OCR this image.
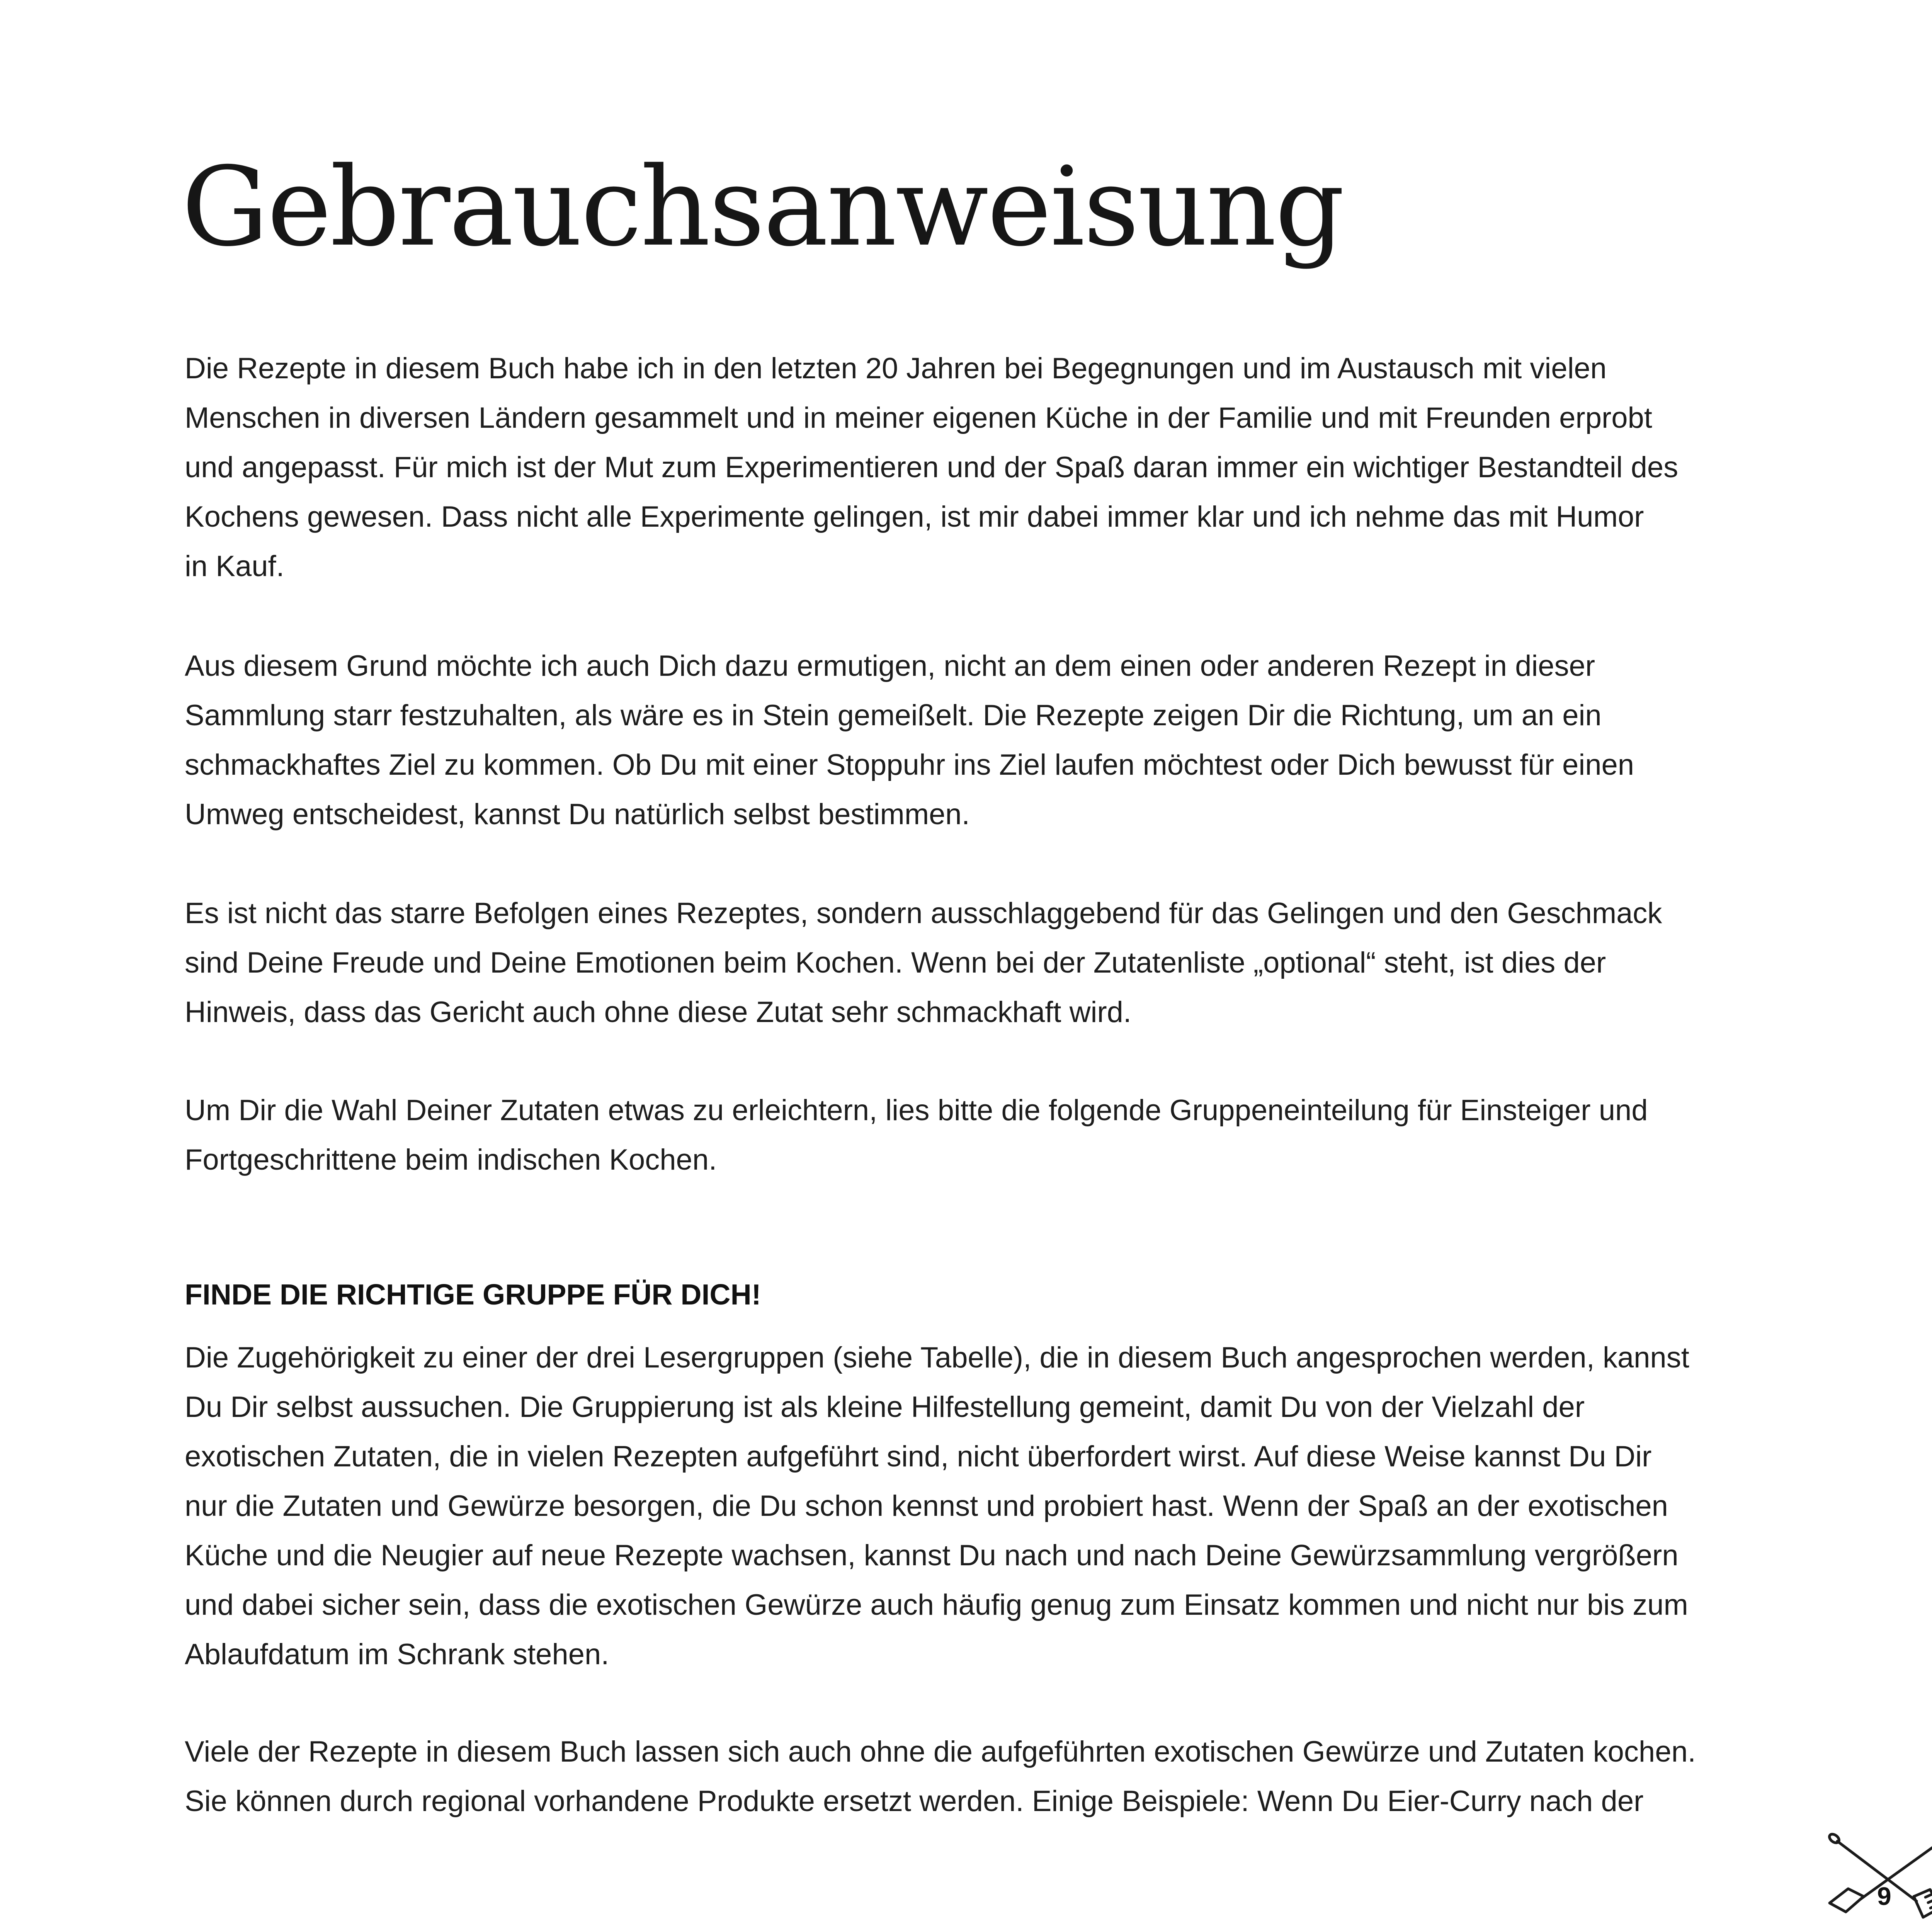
Gebrauchsanweisung

Die Rezepte in diesem Buch habe ich in den letzten 20 Jahren bei Begegnungen und im Austausch mit vielen
Menschen in diversen Ländern gesammelt und in meiner eigenen Küche in der Familie und mit Freunden erprobt
und angepasst. Für mich ist der Mut zum Experimentieren und der Spaß daran immer ein wichtiger Bestandteil des
Kochens gewesen. Dass nicht alle Experimente gelingen, ist mir dabei immer klar und ich nehme das mit Humor
in Kauf.

Aus diesem Grund möchte ich auch Dich dazu ermutigen, nicht an dem einen oder anderen Rezept in dieser
Sammlung starr festzuhalten, als wäre es in Stein gemeißelt. Die Rezepte zeigen Dir die Richtung, um an ein
schmackhaftes Ziel zu kommen. Ob Du mit einer Stoppuhr ins Ziel laufen möchtest oder Dich bewusst für einen
Umweg entscheidest, kannst Du natürlich selbst bestimmen.

Es ist nicht das starre Befolgen eines Rezeptes, sondern ausschlaggebend für das Gelingen und den Geschmack
sind Deine Freude und Deine Emotionen beim Kochen. Wenn bei der Zutatenliste „optional“ steht, ist dies der
Hinweis, dass das Gericht auch ohne diese Zutat sehr schmackhaft wird.

Um Dir die Wahl Deiner Zutaten etwas zu erleichtern, lies bitte die folgende Gruppeneinteilung für Einsteiger und
Fortgeschrittene beim indischen Kochen.

FINDE DIE RICHTIGE GRUPPE FÜR DICH!

Die Zugehörigkeit zu einer der drei Lesergruppen (siehe Tabelle), die in diesem Buch angesprochen werden, kannst
Du Dir selbst aussuchen. Die Gruppierung ist als kleine Hilfestellung gemeint, damit Du von der Vielzahl der
exotischen Zutaten, die in vielen Rezepten aufgeführt sind, nicht überfordert wirst. Auf diese Weise kannst Du Dir
nur die Zutaten und Gewürze besorgen, die Du schon kennst und probiert hast. Wenn der Spaß an der exotischen
Küche und die Neugier auf neue Rezepte wachsen, kannst Du nach und nach Deine Gewürzsammlung vergrößern
und dabei sicher sein, dass die exotischen Gewürze auch häufig genug zum Einsatz kommen und nicht nur bis zum
Ablaufdatum im Schrank stehen.

Viele der Rezepte in diesem Buch lassen sich auch ohne die aufgeführten exotischen Gewürze und Zutaten kochen.
Sie können durch regional vorhandene Produkte ersetzt werden. Einige Beispiele: Wenn Du Eier-Curry nach der

9
